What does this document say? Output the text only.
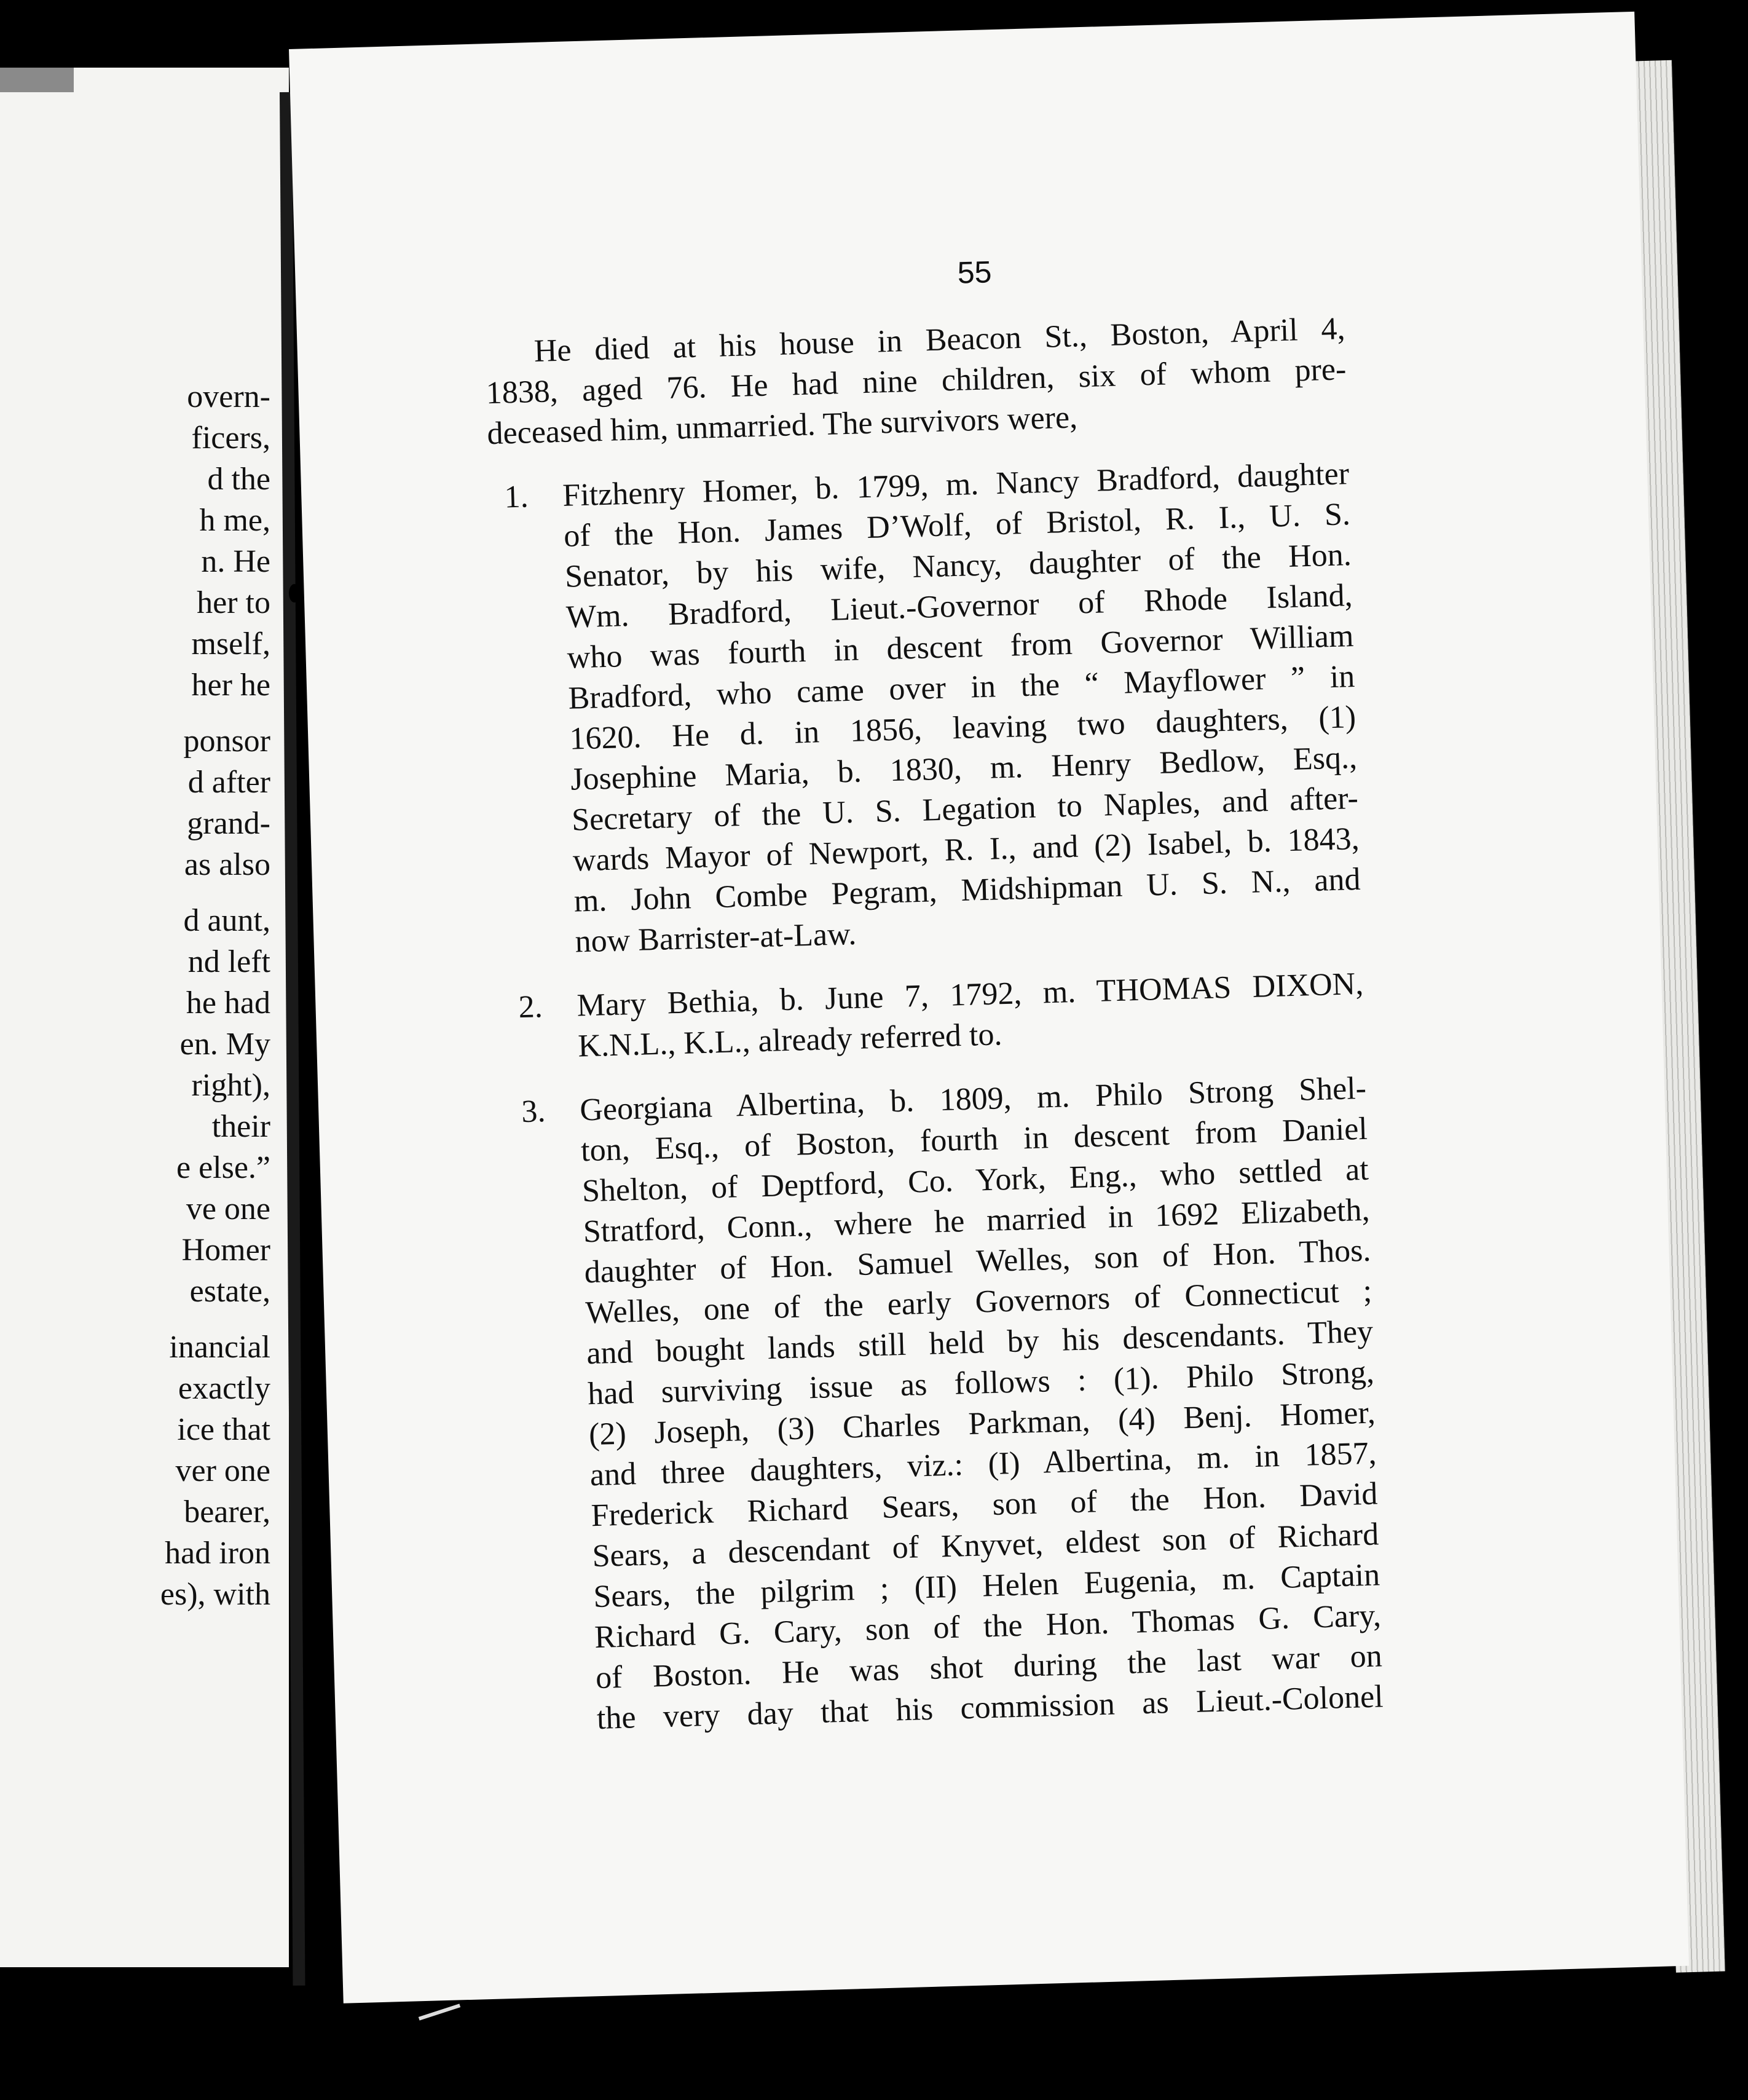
overn-
ficers,
d the
h me,
n. He
her to
mself,
her he
ponsor
d after
grand-
as also
d aunt,
nd left
he had
en. My
right),
their
e else.”
ve one
Homer
estate,
inancial
exactly
ice that
ver one
bearer,
had iron
es), with
55
He died at his house in Beacon St., Boston, April 4,
1838, aged 76. He had nine children, six of whom pre-
deceased him, unmarried. The survivors were,
1.	Fitzhenry Homer, b. 1799, m. Nancy Bradford, daughter
of the Hon. James D’Wolf, of Bristol, R. I., U. S.
Senator, by his wife, Nancy, daughter of the Hon.
Wm. Bradford, Lieut.-Governor of Rhode Island,
who was fourth in descent from Governor William
Bradford, who came over in the “ Mayflower ” in
1620. He d. in 1856, leaving two daughters, (1)
Josephine Maria, b. 1830, m. Henry Bedlow, Esq.,
Secretary of the U. S. Legation to Naples, and after-
wards Mayor of Newport, R. I., and (2) Isabel, b. 1843,
m. John Combe Pegram, Midshipman U. S. N., and
now Barrister-at-Law.
2.	Mary Bethia, b. June 7, 1792, m. THOMAS DIXON,
K.N.L., K.L., already referred to.
3.	Georgiana Albertina, b. 1809, m. Philo Strong Shel-
ton, Esq., of Boston, fourth in descent from Daniel
Shelton, of Deptford, Co. York, Eng., who settled at
Stratford, Conn., where he married in 1692 Elizabeth,
daughter of Hon. Samuel Welles, son of Hon. Thos.
Welles, one of the early Governors of Connecticut ;
and bought lands still held by his descendants. They
had surviving issue as follows : (1). Philo Strong,
(2) Joseph, (3) Charles Parkman, (4) Benj. Homer,
and three daughters, viz.: (I) Albertina, m. in 1857,
Frederick Richard Sears, son of the Hon. David
Sears, a descendant of Knyvet, eldest son of Richard
Sears, the pilgrim ; (II) Helen Eugenia, m. Captain
Richard G. Cary, son of the Hon. Thomas G. Cary,
of Boston. He was shot during the last war on
the very day that his commission as Lieut.-Colonel
